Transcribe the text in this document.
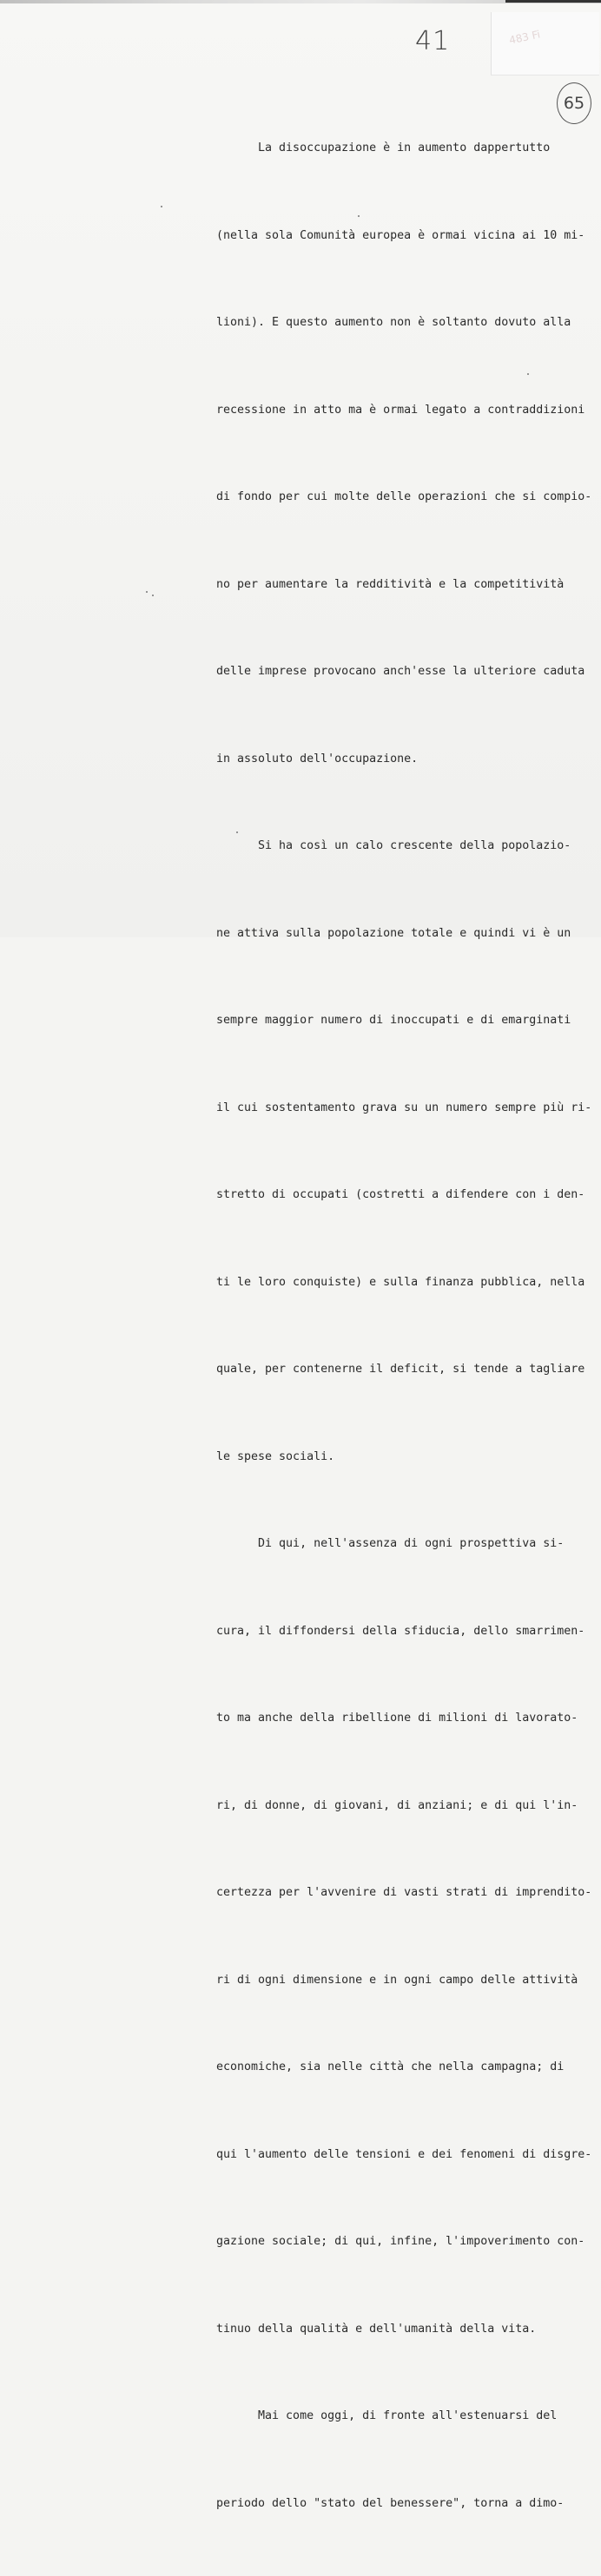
483 Fi
41
65

La disoccupazione è in aumento dappertutto

(nella sola Comunità europea è ormai vicina ai 10 mi-

lioni). E questo aumento non è soltanto dovuto alla

recessione in atto ma è ormai legato a contraddizioni

di fondo per cui molte delle operazioni che si compio-

no per aumentare la redditività e la competitività

delle imprese provocano anch'esse la ulteriore caduta

in assoluto dell'occupazione.

Si ha così un calo crescente della popolazio-

ne attiva sulla popolazione totale e quindi vi è un

sempre maggior numero di inoccupati e di emarginati

il cui sostentamento grava su un numero sempre più ri-

stretto di occupati (costretti a difendere con i den-

ti le loro conquiste) e sulla finanza pubblica, nella

quale, per contenerne il deficit, si tende a tagliare

le spese sociali.

Di qui, nell'assenza di ogni prospettiva si-

cura, il diffondersi della sfiducia, dello smarrimen-

to ma anche della ribellione di milioni di lavorato-

ri, di donne, di giovani, di anziani; e di qui l'in-

certezza per l'avvenire di vasti strati di imprendito-

ri di ogni dimensione e in ogni campo delle attività

economiche, sia nelle città che nella campagna; di

qui l'aumento delle tensioni e dei fenomeni di disgre-

gazione sociale; di qui, infine, l'impoverimento con-

tinuo della qualità e dell'umanità della vita.

Mai come oggi, di fronte all'estenuarsi del

periodo dello "stato del benessere", torna a dimo-
